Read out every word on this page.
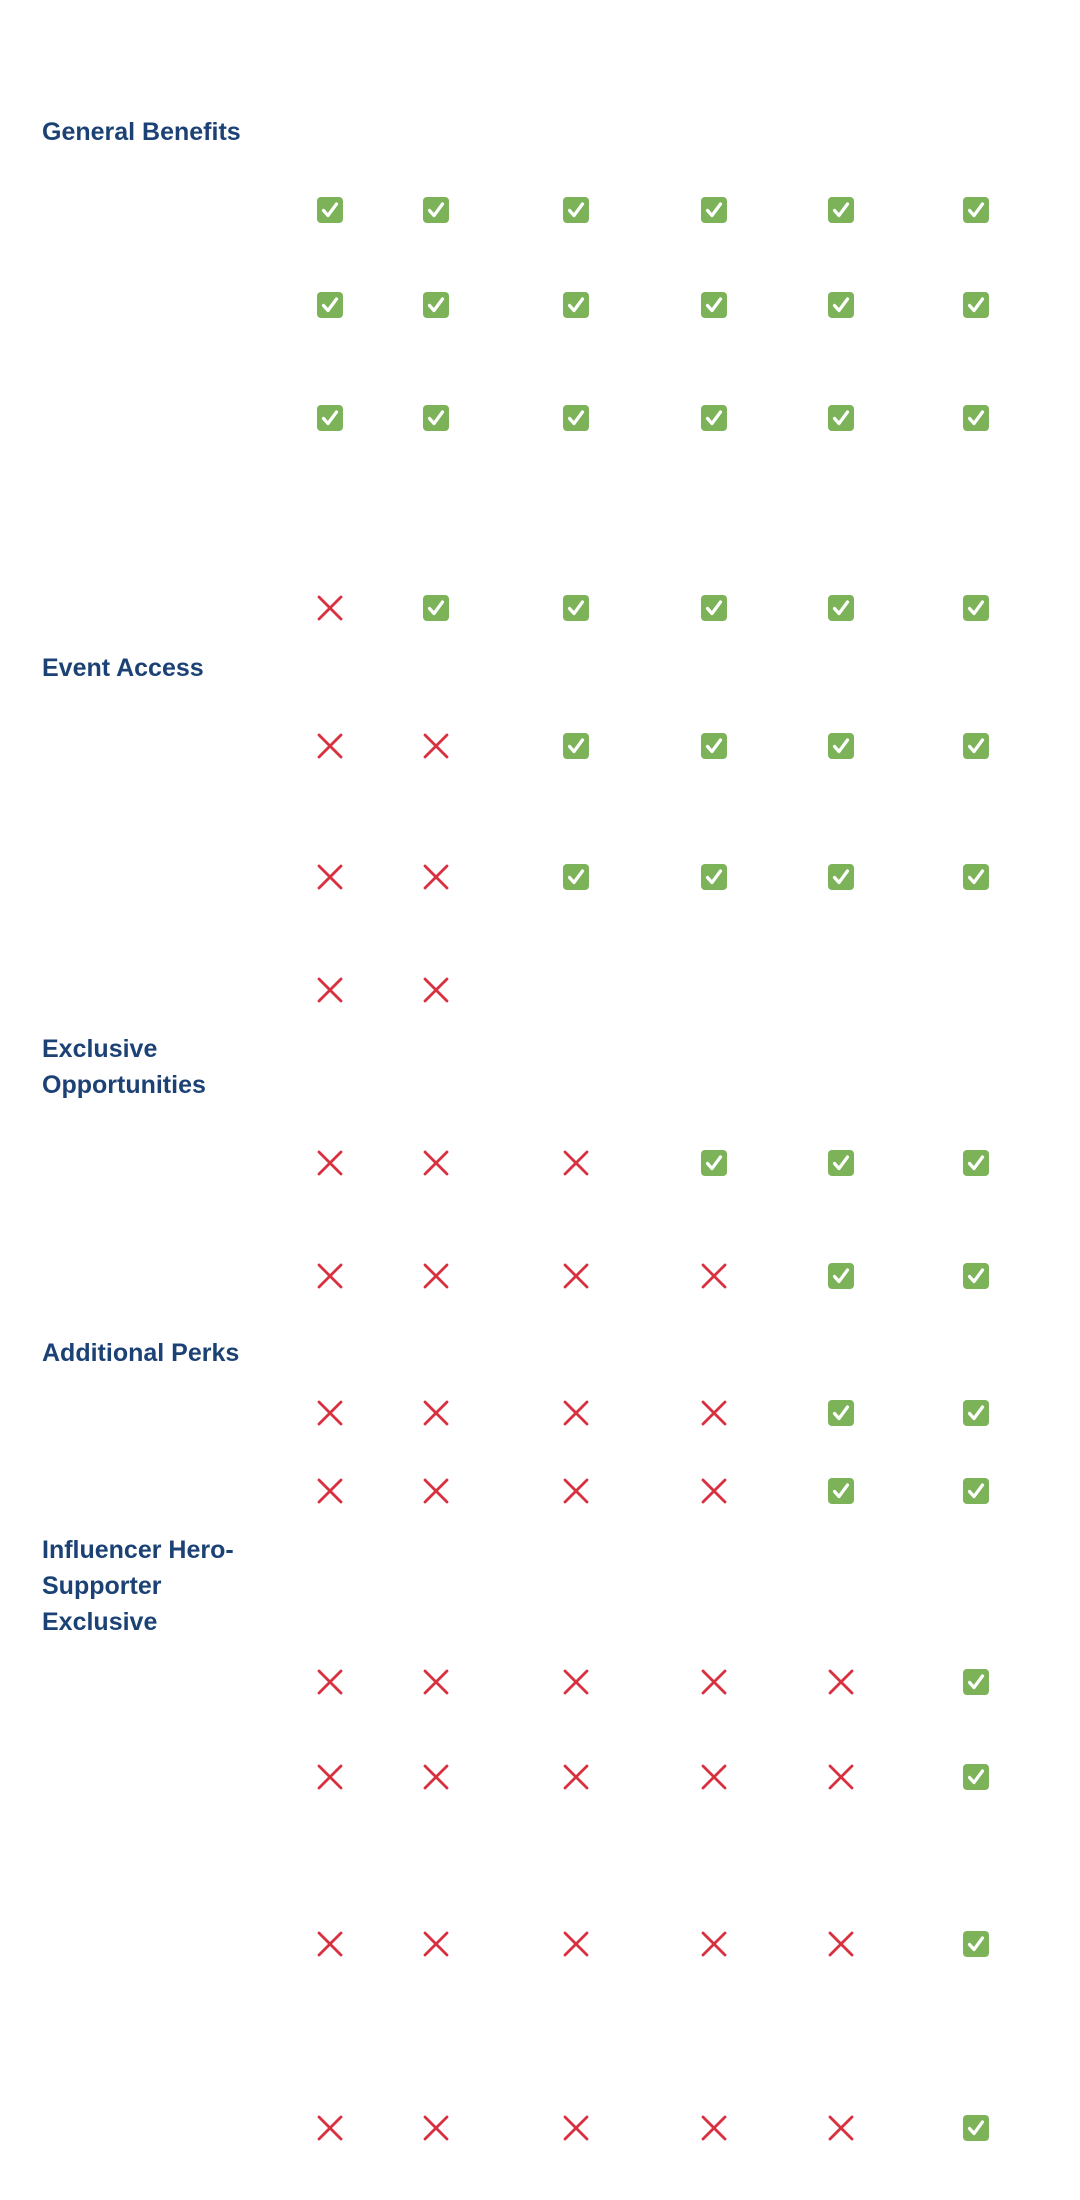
General Benefits
Event Access
Exclusive Opportunities
Additional Perks
Influencer Hero-Supporter Exclusive
